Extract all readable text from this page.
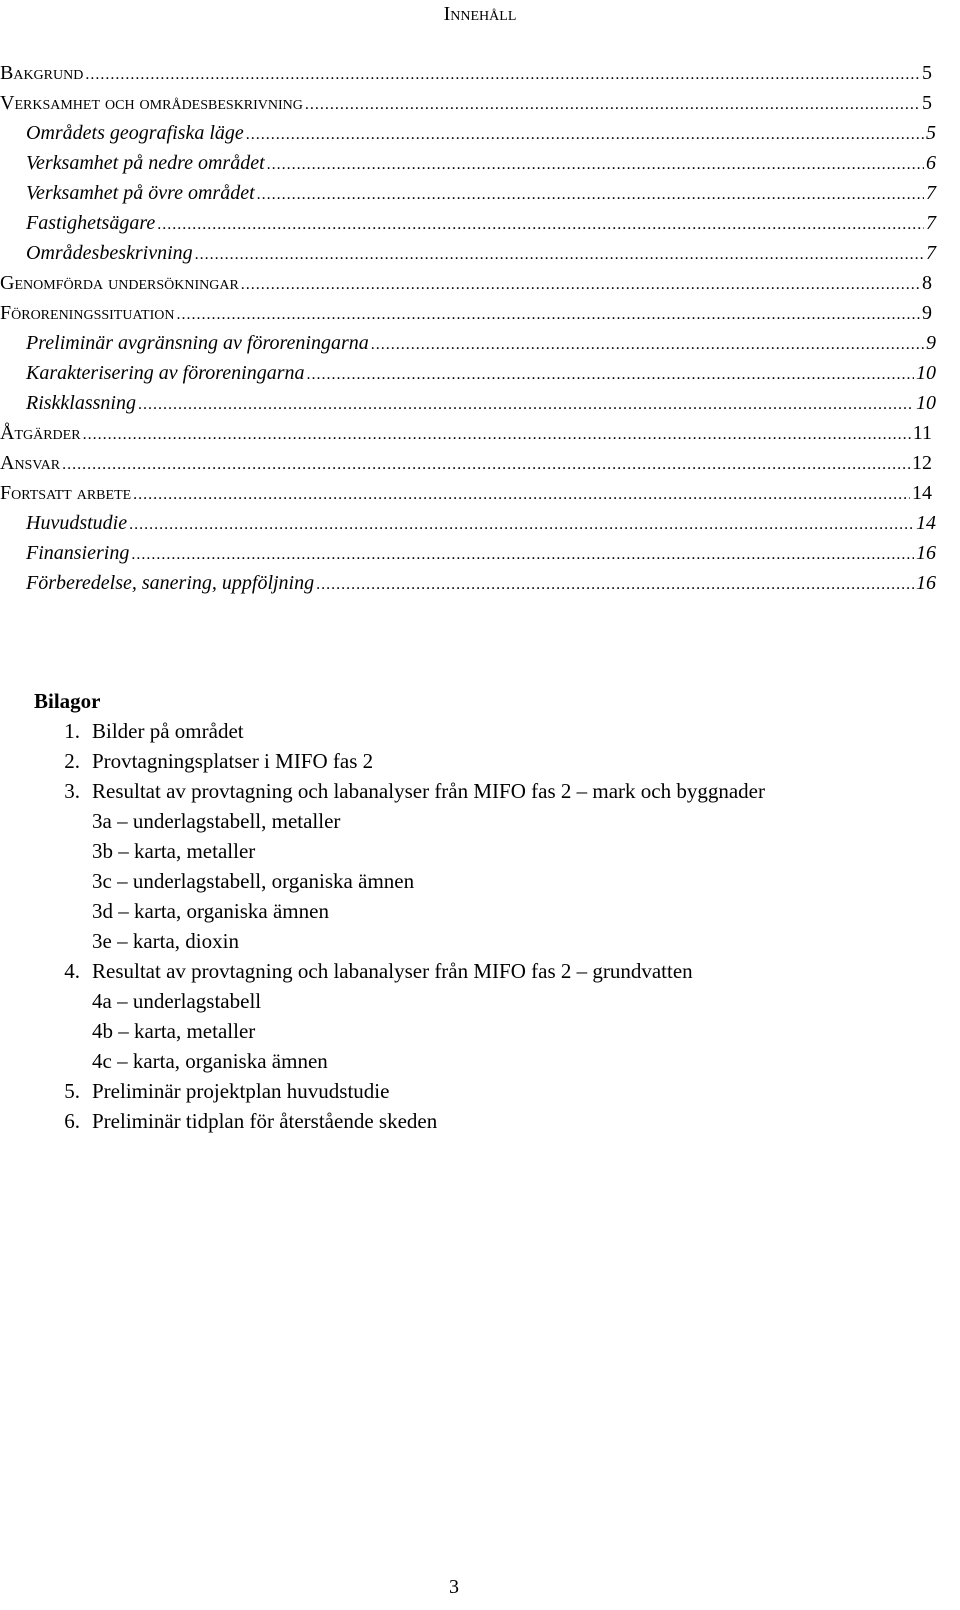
Innehåll
Bakgrund .....	5
Verksamhet och områdesbeskrivning .....	5
Områdets geografiska läge .....	5
Verksamhet på nedre området .....	6
Verksamhet på övre området .....	7
Fastighetsägare .....	7
Områdesbeskrivning .....	7
Genomförda undersökningar .....	8
Föroreningssituation .....	9
Preliminär avgränsning av föroreningarna .....	9
Karakterisering av föroreningarna .....	10
Riskklassning .....	10
Åtgärder .....	11
Ansvar .....	12
Fortsatt arbete .....	14
Huvudstudie .....	14
Finansiering .....	16
Förberedelse, sanering, uppföljning .....	16
Bilagor
1. Bilder på området
2. Provtagningsplatser i MIFO fas 2
3. Resultat av provtagning och labanalyser från MIFO fas 2 – mark och byggnader
3a – underlagstabell, metaller
3b – karta, metaller
3c – underlagstabell, organiska ämnen
3d – karta, organiska ämnen
3e – karta, dioxin
4. Resultat av provtagning och labanalyser från MIFO fas 2 – grundvatten
4a – underlagstabell
4b – karta, metaller
4c – karta, organiska ämnen
5. Preliminär projektplan huvudstudie
6. Preliminär tidplan för återstående skeden
3
